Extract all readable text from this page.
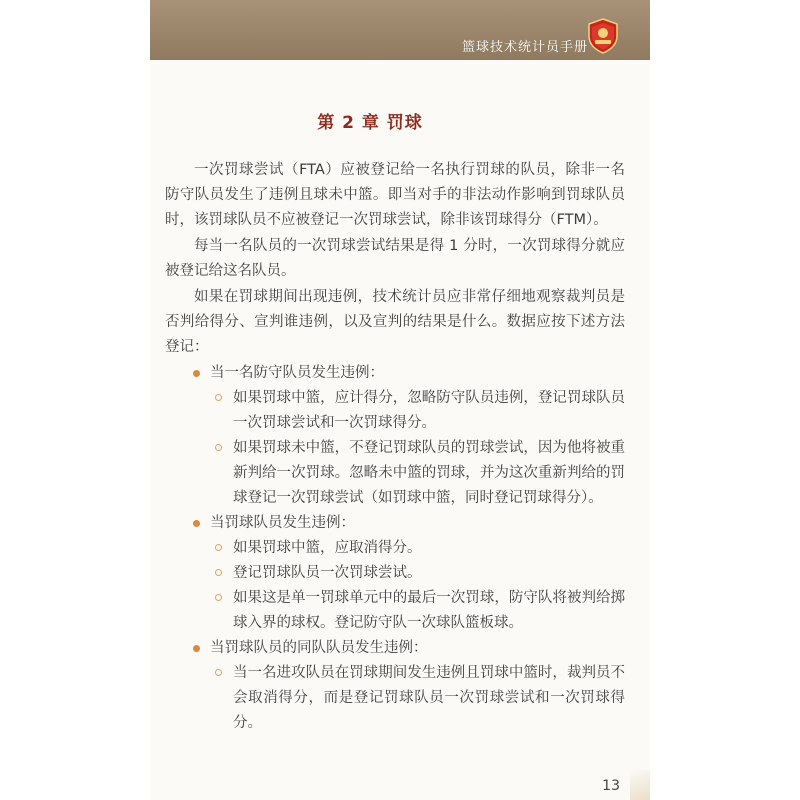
篮球技术统计员手册
第 2 章 罚球

一次罚球尝试（FTA）应被登记给一名执行罚球的队员，除非一名防守队员发生了违例且球未中篮。即当对手的非法动作影响到罚球队员时，该罚球队员不应被登记一次罚球尝试，除非该罚球得分（FTM）。

每当一名队员的一次罚球尝试结果是得 1 分时，一次罚球得分就应被登记给这名队员。

如果在罚球期间出现违例，技术统计员应非常仔细地观察裁判员是否判给得分、宣判谁违例，以及宣判的结果是什么。数据应按下述方法登记：

当一名防守队员发生违例：

如果罚球中篮，应计得分，忽略防守队员违例，登记罚球队员一次罚球尝试和一次罚球得分。

如果罚球未中篮，不登记罚球队员的罚球尝试，因为他将被重新判给一次罚球。忽略未中篮的罚球，并为这次重新判给的罚球登记一次罚球尝试（如罚球中篮，同时登记罚球得分）。

当罚球队员发生违例：

如果罚球中篮，应取消得分。

登记罚球队员一次罚球尝试。

如果这是单一罚球单元中的最后一次罚球，防守队将被判给掷球入界的球权。登记防守队一次球队篮板球。

当罚球队员的同队队员发生违例：

当一名进攻队员在罚球期间发生违例且罚球中篮时，裁判员不会取消得分，而是登记罚球队员一次罚球尝试和一次罚球得分。

13
